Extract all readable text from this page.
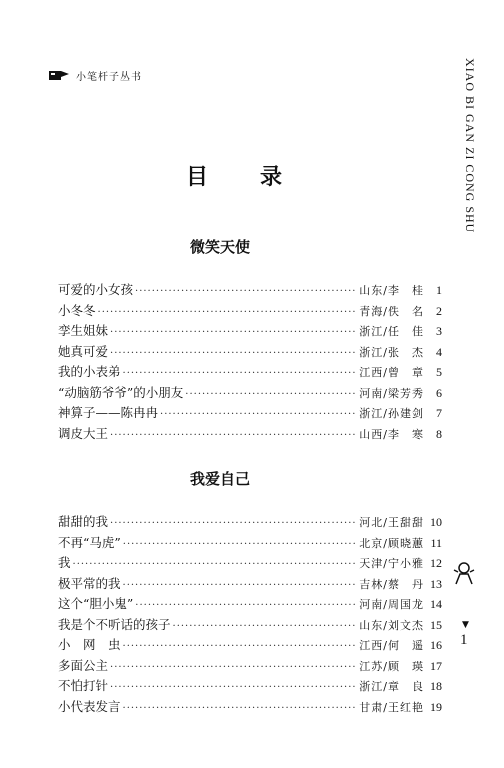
小笔杆子丛书	XIAO BI GAN ZI CONG SHU
目 录
微笑天使
可爱的小女孩 ·····	山东/李　桂	1
小冬冬 ·····	青海/佚　名	2
孪生姐妹 ·····	浙江/任　佳	3
她真可爱 ·····	浙江/张　杰	4
我的小表弟 ·····	江西/曾　章	5
“动脑筋爷爷”的小朋友 ·····	河南/梁芳秀	6
神算子——陈冉冉 ·····	浙江/孙建剑	7
调皮大王 ·····	山西/李　寒	8
我爱自己
甜甜的我 ·····	河北/王甜甜 10
不再“马虎” ·····	北京/顾晓蕙 11
我 ·····	天津/宁小雅 12
极平常的我 ·····	吉林/蔡　丹 13
这个“胆小鬼” ·····	河南/周国龙 14
我是个不听话的孩子 ·····	山东/刘文杰 15
小　网　虫 ·····	江西/何　遥 16
多面公主 ·····	江苏/顾　瑛 17
不怕打针 ·····	浙江/章　良 18
小代表发言 ·····	甘肃/王红艳 19
▼
1
